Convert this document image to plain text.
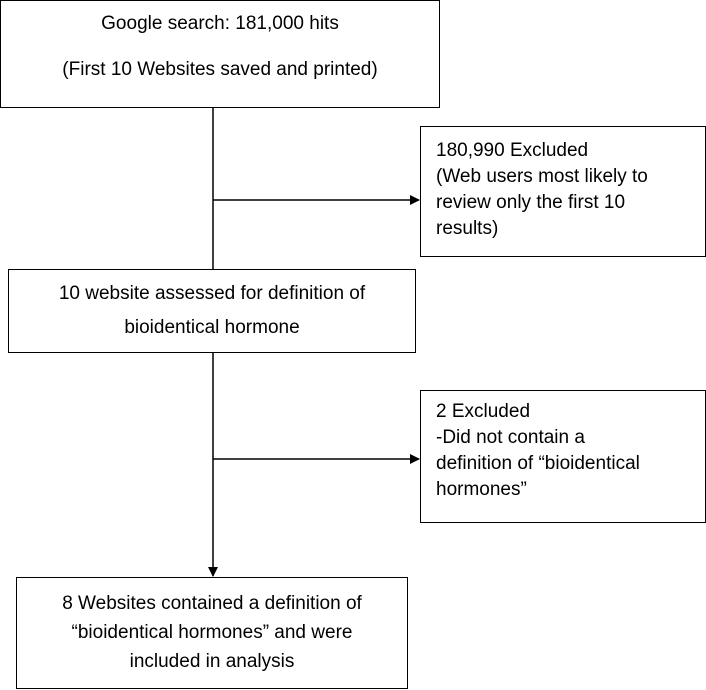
Google search: 181,000 hits

(First 10 Websites saved and printed)

180,990 Excluded

(Web users most likely to

review only the first 10

results)

10 website assessed for definition of

bioidentical hormone

2 Excluded

-Did not contain a

definition of “bioidentical

hormones”

8 Websites contained a definition of

“bioidentical hormones” and were

included in analysis
